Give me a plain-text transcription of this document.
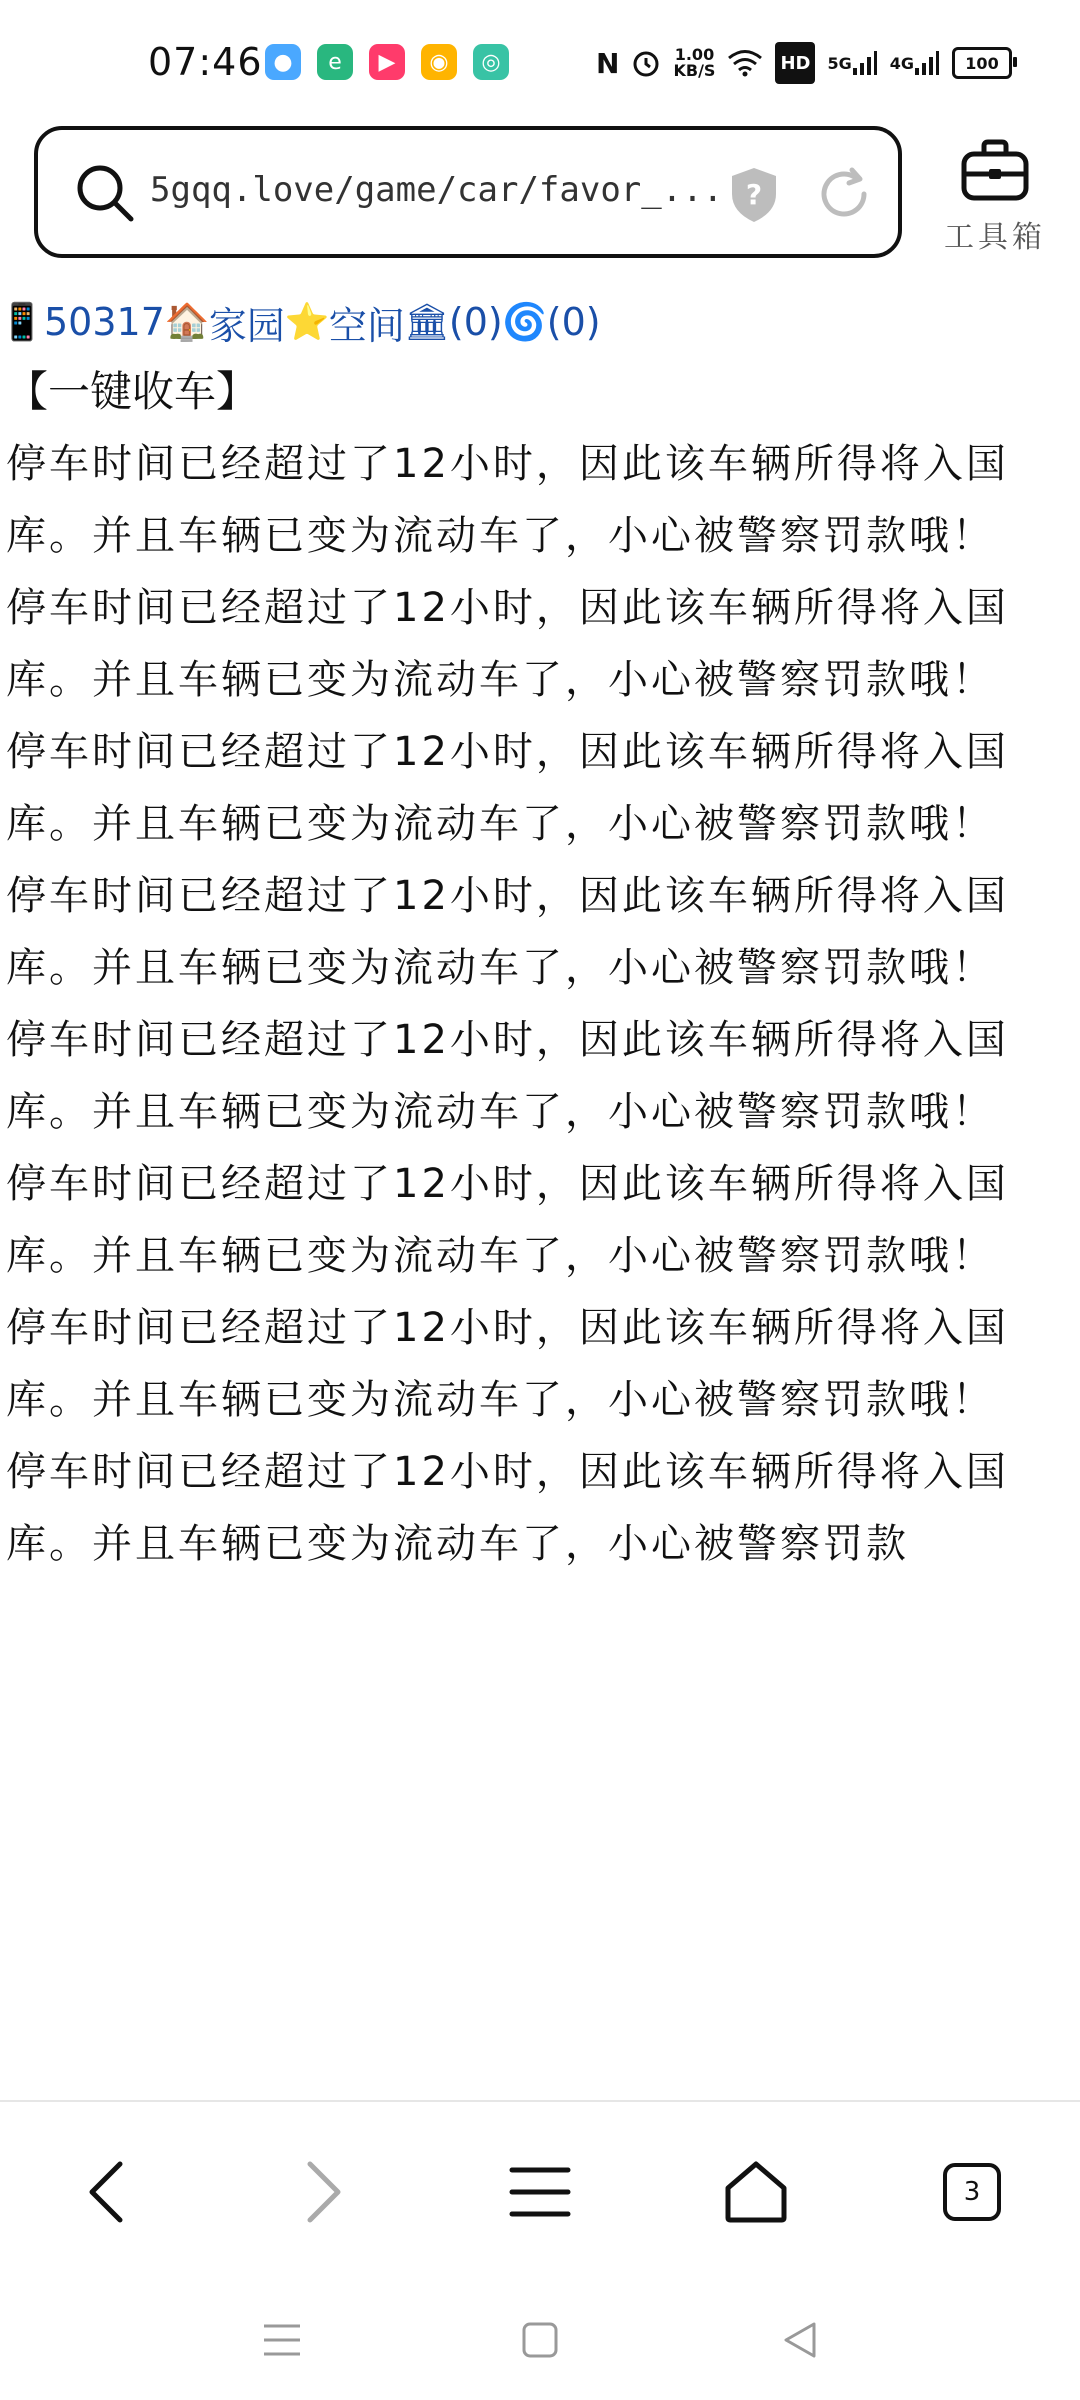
07:46 ●	e	▶	◉	◎	N	1.00
KB/S	HD	5G 4G	100
5gqq.love/game/car/favor_... ?
工具箱
📱 50317 🏠 家园 ⭐ 空间 🏛 (0) 🌀 (0)
【一键收车】
停车时间已经超过了12小时，因此该车辆所得将入国库。并且车辆已变为流动车了，小心被警察罚款哦！
停车时间已经超过了12小时，因此该车辆所得将入国库。并且车辆已变为流动车了，小心被警察罚款哦！
停车时间已经超过了12小时，因此该车辆所得将入国库。并且车辆已变为流动车了，小心被警察罚款哦！
停车时间已经超过了12小时，因此该车辆所得将入国库。并且车辆已变为流动车了，小心被警察罚款哦！
停车时间已经超过了12小时，因此该车辆所得将入国库。并且车辆已变为流动车了，小心被警察罚款哦！
停车时间已经超过了12小时，因此该车辆所得将入国库。并且车辆已变为流动车了，小心被警察罚款哦！
停车时间已经超过了12小时，因此该车辆所得将入国库。并且车辆已变为流动车了，小心被警察罚款哦！
停车时间已经超过了12小时，因此该车辆所得将入国库。并且车辆已变为流动车了，小心被警察罚款
3
